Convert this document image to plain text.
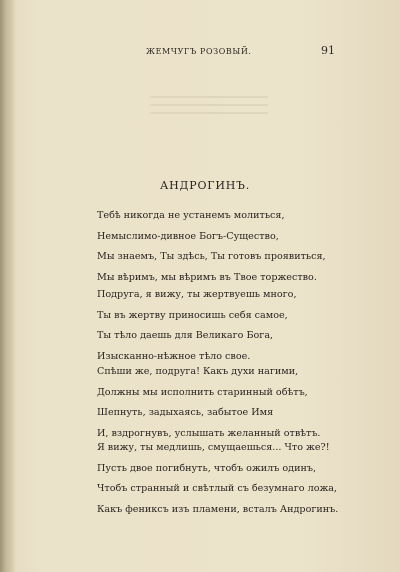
ЖЕМЧУГЪ РОЗОВЫЙ.	91
АНДРОГИНЪ.
Тебѣ никогда не устанемъ молиться,
Немыслимо-дивное Богъ-Существо,
Мы знаемъ, Ты здѣсь, Ты готовъ проявиться,
Мы вѣримъ, мы вѣримъ въ Твое торжество.
Подруга, я вижу, ты жертвуешь много,
Ты въ жертву приносишь себя самое,
Ты тѣло даешь для Великаго Бога,
Изысканно-нѣжное тѣло свое.
Спѣши же, подруга! Какъ духи нагими,
Должны мы исполнить старинный обѣтъ,
Шепнуть, задыхаясь, забытое Имя
И, вздрогнувъ, услышать желанный отвѣтъ.
Я вижу, ты медлишь, смущаешься... Что же?!
Пусть двое погибнуть, чтобъ ожилъ одинъ,
Чтобъ странный и свѣтлый съ безумнаго ложа,
Какъ фениксъ изъ пламени, всталъ Андрогинъ.
